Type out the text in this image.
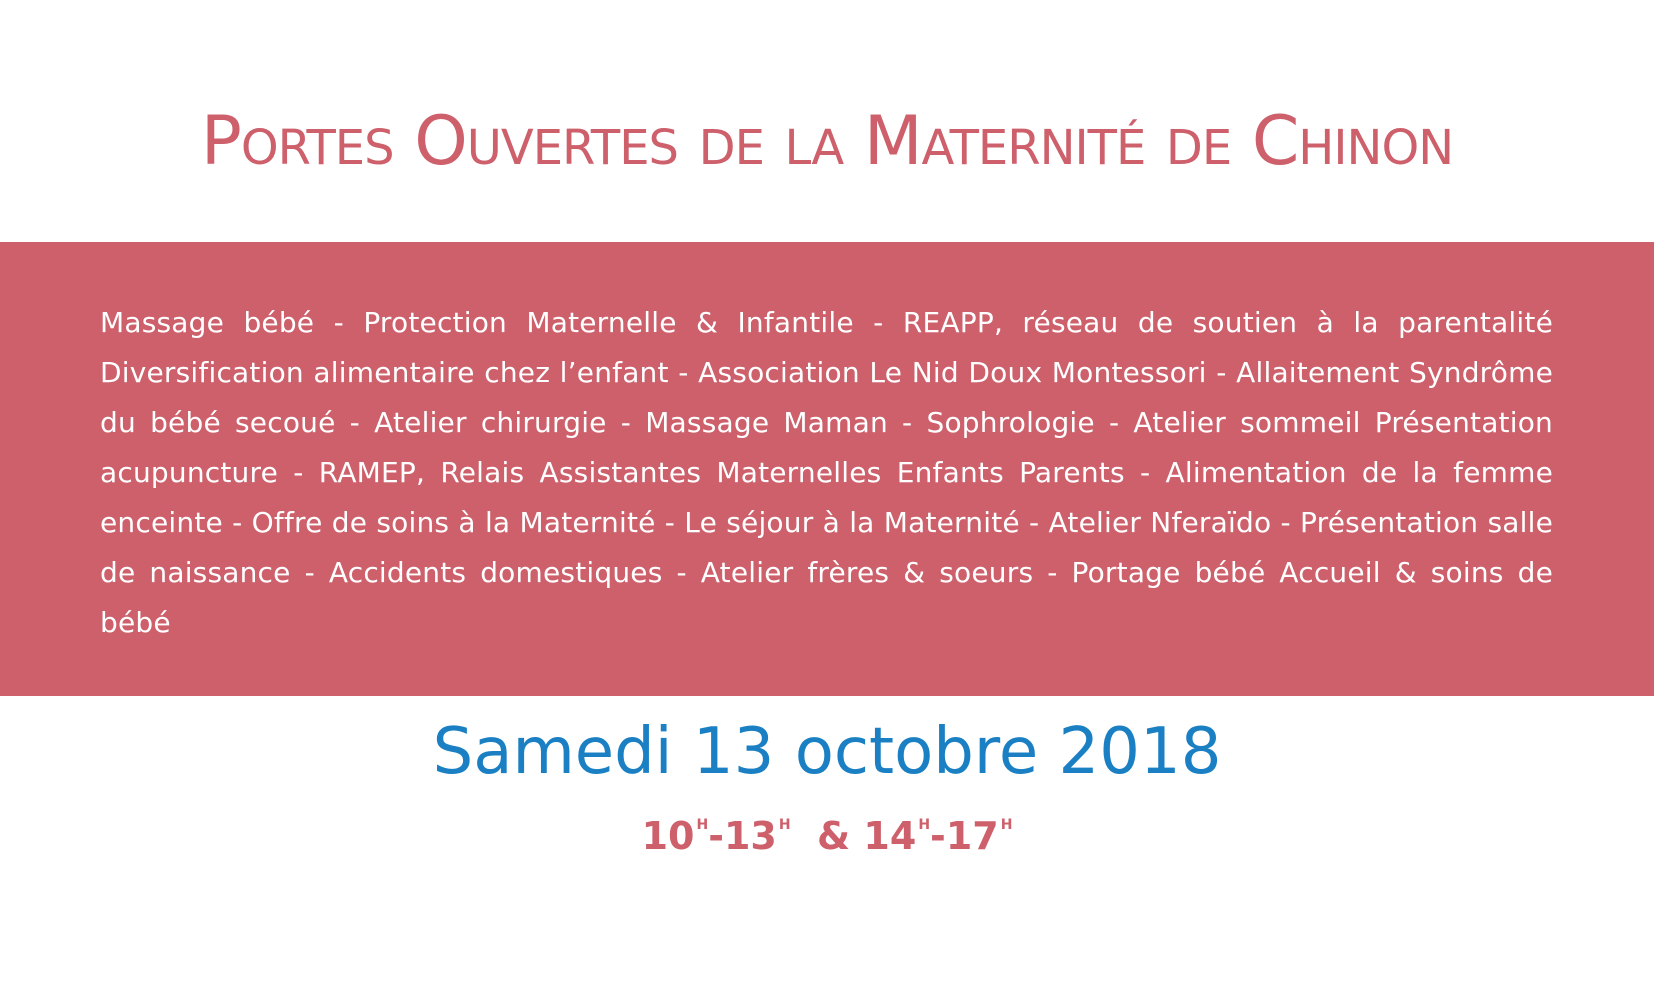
Portes Ouvertes de la Maternité de Chinon
Massage bébé - Protection Maternelle & Infantile - REAPP, réseau de soutien à la parentalité Diversification alimentaire chez l’enfant - Association Le Nid Doux Montessori - Allaitement Syndrôme du bébé secoué - Atelier chirurgie - Massage Maman - Sophrologie - Atelier sommeil Présentation acupuncture - RAMEP, Relais Assistantes Maternelles Enfants Parents - Alimentation de la femme enceinte - Offre de soins à la Maternité - Le séjour à la Maternité - Atelier Nferaïdo - Présentation salle de naissance - Accidents domestiques - Atelier frères & soeurs - Portage bébé Accueil & soins de bébé
Samedi 13 octobre 2018
10 $^H$-13 $^H$ & 14 $^H$-17 $^H$
